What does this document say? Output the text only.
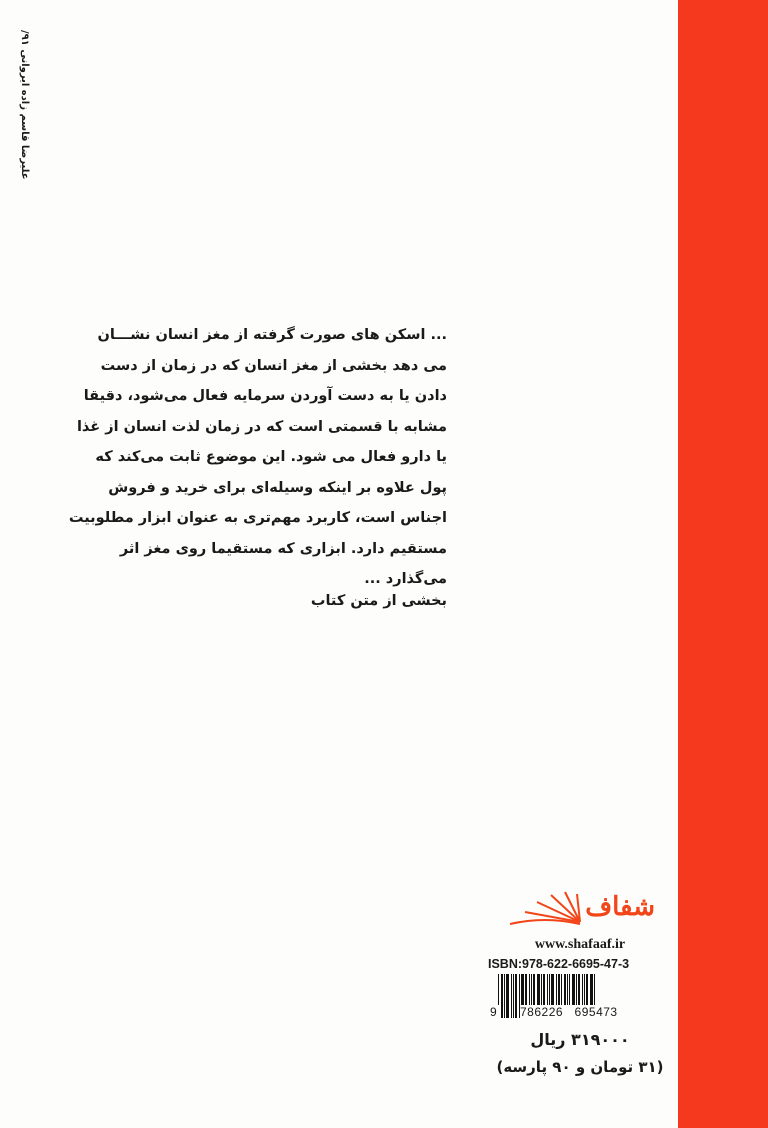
علیرضا قاسم زاده ایروانی ۹۱/
... اسکن های صورت گرفته از مغز انسان نشـــان
می دهد بخشی از مغز انسان که در زمان از دست
دادن یا به دست آوردن سرمایه فعال می‌شود، دقیقا
مشابه با قسمتی است که در زمان لذت انسان از غذا
یا دارو فعال می شود. این موضوع ثابت می‌کند که
پول علاوه بر اینکه وسیله‌ای برای خرید و فروش
اجناس است، کاربرد مهم‌تری به عنوان ابزار مطلوبیت
مستقیم دارد. ابزاری که مستقیما روی مغز اثر
می‌گذارد ...
بخشی از متن کتاب
شفاف
www.shafaaf.ir
ISBN:978-622-6695-47-3
9 786226   695473
۳۱۹۰۰۰ ریال
(۳۱ تومان و ۹۰ پارسه)
